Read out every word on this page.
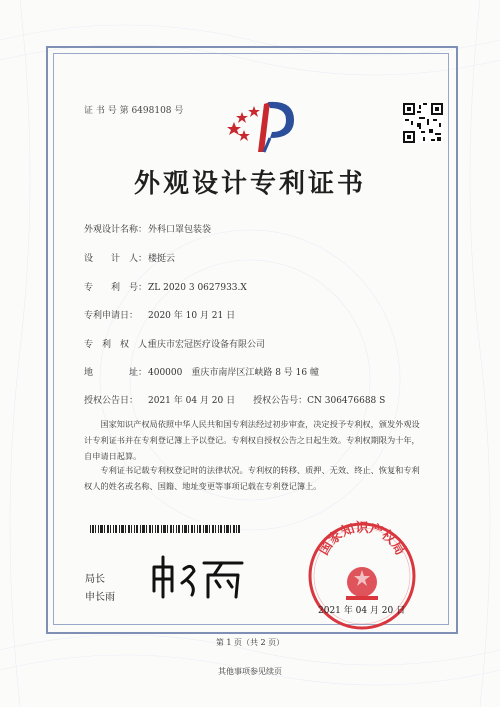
证 书 号 第 6498108 号
外观设计专利证书
外观设计名称：外科口罩包装袋
设　　计　人：楼挺云
专　　利　号：ZL 2020 3 0627933.X
专利申请日： 2020 年 10 月 21 日
专　利　权　人：重庆市宏冠医疗设备有限公司
地　　　　址：400000　重庆市南岸区江峡路 8 号 16 幢
授权公告日： 2021 年 04 月 20 日　　授权公告号：CN 306476688 S
　　国家知识产权局依照中华人民共和国专利法经过初步审查，决定授予专利权，颁发外观设计专利证书并在专利登记簿上予以登记。专利权自授权公告之日起生效。专利权期限为十年，自申请日起算。
　　专利证书记载专利权登记时的法律状况。专利权的转移、质押、无效、终止、恢复和专利权人的姓名或名称、国籍、地址变更等事项记载在专利登记簿上。
局长
申长雨
国家知识产权局
2021 年 04 月 20 日
第 1 页（共 2 页）
其他事项参见续页
